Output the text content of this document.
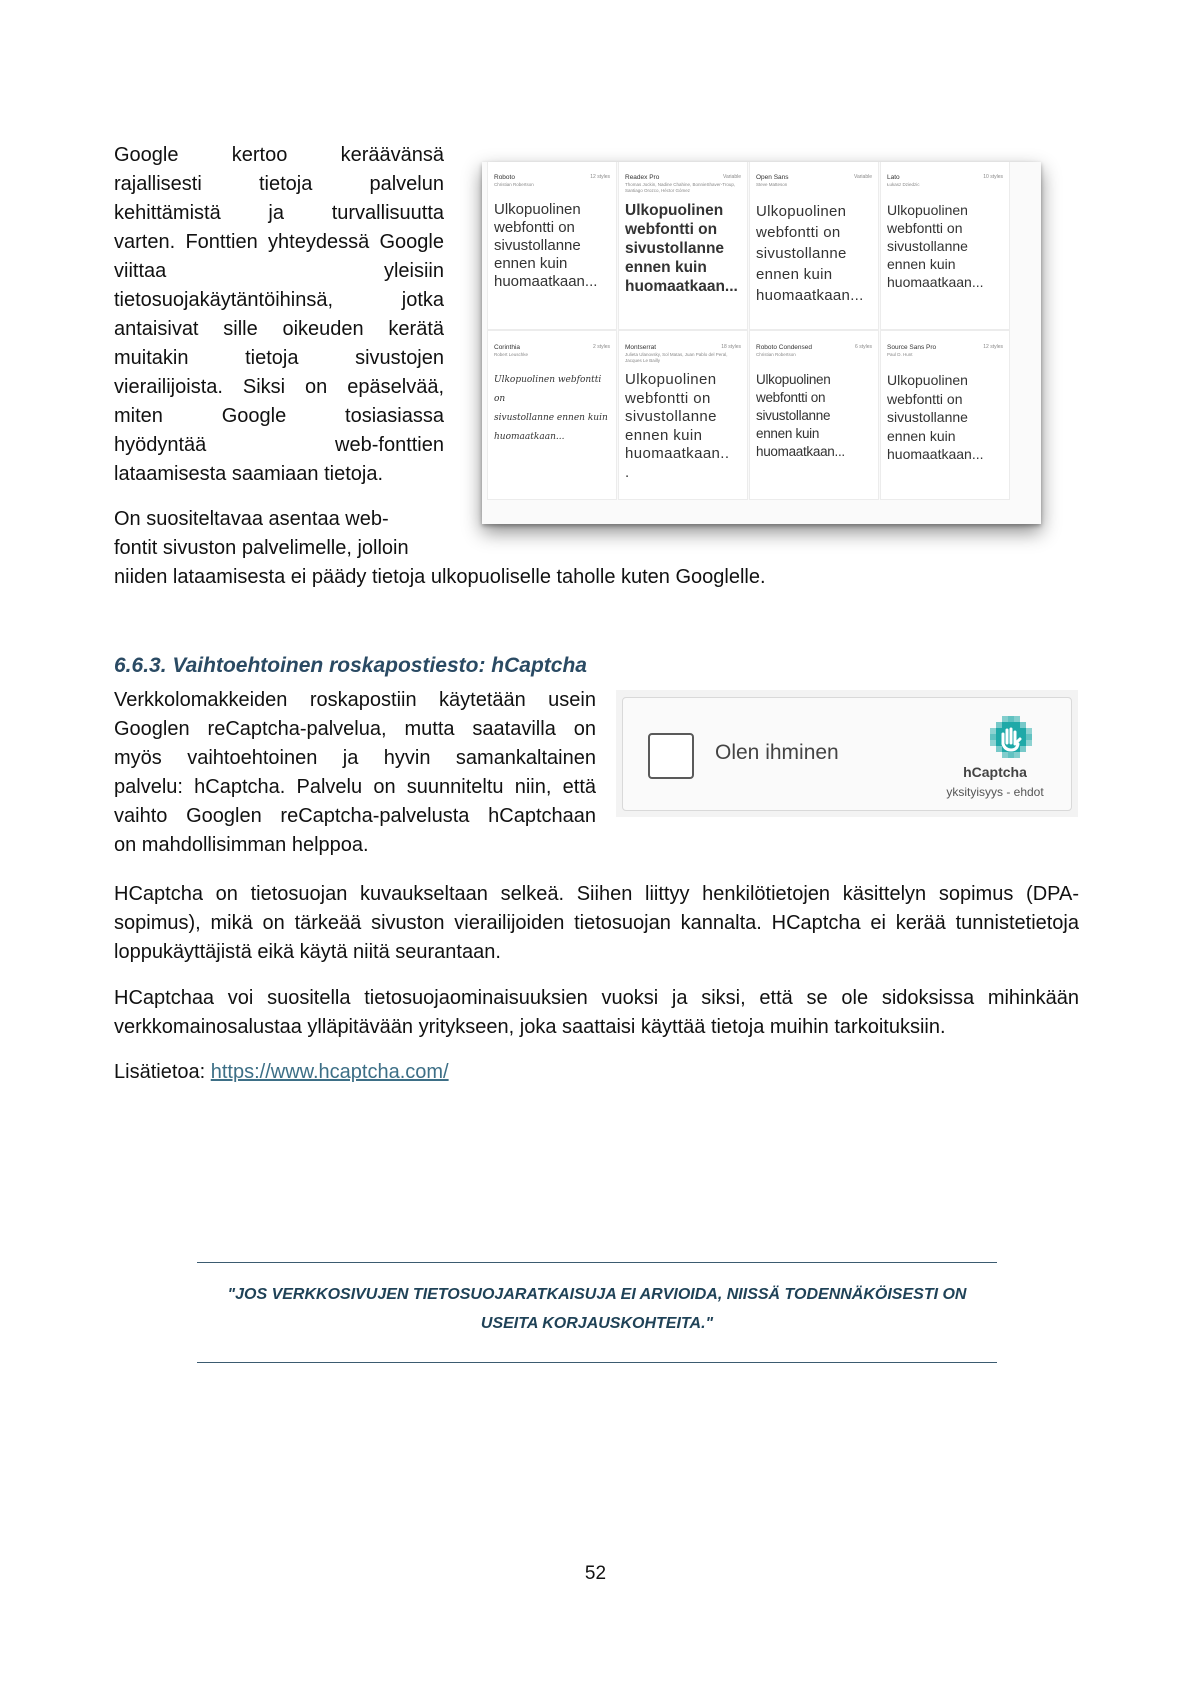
Google kertoo keräävänsä
rajallisesti tietoja palvelun
kehittämistä ja turvallisuutta
varten. Fonttien yhteydessä Google
viittaa yleisiin
tietosuojakäytäntöihinsä, jotka
antaisivat sille oikeuden kerätä
muitakin tietoja sivustojen
vierailijoista. Siksi on epäselvää,
miten Google tosiasiassa
hyödyntää web-fonttien
lataamisesta saamiaan tietoja.
On suositeltavaa asentaa web-
fontit sivuston palvelimelle, jolloin
niiden lataamisesta ei päädy tietoja ulkopuoliselle taholle kuten Googlelle.
Roboto	12 styles
Christian Robertson
Ulkopuolinen
webfontti on
sivustollanne
ennen kuin
huomaatkaan...
Readex Pro	Variable
Thomas Jockin, Nadine Chahine, BonnieShaver-Troup, Santiago Orozco, Héctor Gómez
Ulkopuolinen
webfontti on
sivustollanne
ennen kuin
huomaatkaan...
Open Sans	Variable
Steve Matteson
Ulkopuolinen
webfontti on
sivustollanne
ennen kuin
huomaatkaan...
Lato	10 styles
Łukasz Dziedzic
Ulkopuolinen
webfontti on
sivustollanne
ennen kuin
huomaatkaan...
Corinthia	2 styles
Robert Leuschke
Ulkopuolinen webfontti on
sivustollanne ennen kuin
huomaatkaan...
Montserrat	18 styles
Julieta Ulanovsky, Sol Matas, Juan Pablo del Peral, Jacques Le Bailly
Ulkopuolinen
webfontti on
sivustollanne
ennen kuin
huomaatkaan..
.
Roboto Condensed	6 styles
Christian Robertson
Ulkopuolinen
webfontti on
sivustollanne
ennen kuin
huomaatkaan...
Source Sans Pro	12 styles
Paul D. Hunt
Ulkopuolinen
webfontti on
sivustollanne
ennen kuin
huomaatkaan...
6.6.3. Vaihtoehtoinen roskapostiesto: hCaptcha
Verkkolomakkeiden roskapostiin käytetään usein
Googlen reCaptcha-palvelua, mutta saatavilla on
myös vaihtoehtoinen ja hyvin samankaltainen
palvelu: hCaptcha. Palvelu on suunniteltu niin, että
vaihto Googlen reCaptcha-palvelusta hCaptchaan
on mahdollisimman helppoa.
Olen ihminen
hCaptcha
yksityisyys - ehdot

HCaptcha on tietosuojan kuvaukseltaan selkeä. Siihen liittyy henkilötietojen käsittelyn sopimus (DPA-sopimus), mikä on tärkeää sivuston vierailijoiden tietosuojan kannalta. HCaptcha ei kerää tunnistetietoja loppukäyttäjistä eikä käytä niitä seurantaan.

HCaptchaa voi suositella tietosuojaominaisuuksien vuoksi ja siksi, että se ole sidoksissa mihinkään verkkomainosalustaa ylläpitävään yritykseen, joka saattaisi käyttää tietoja muihin tarkoituksiin.

Lisätietoa: https://www.hcaptcha.com/
"JOS VERKKOSIVUJEN TIETOSUOJARATKAISUJA EI ARVIOIDA, NIISSÄ TODENNÄKÖISESTI ON
USEITA KORJAUSKOHTEITA."
52
